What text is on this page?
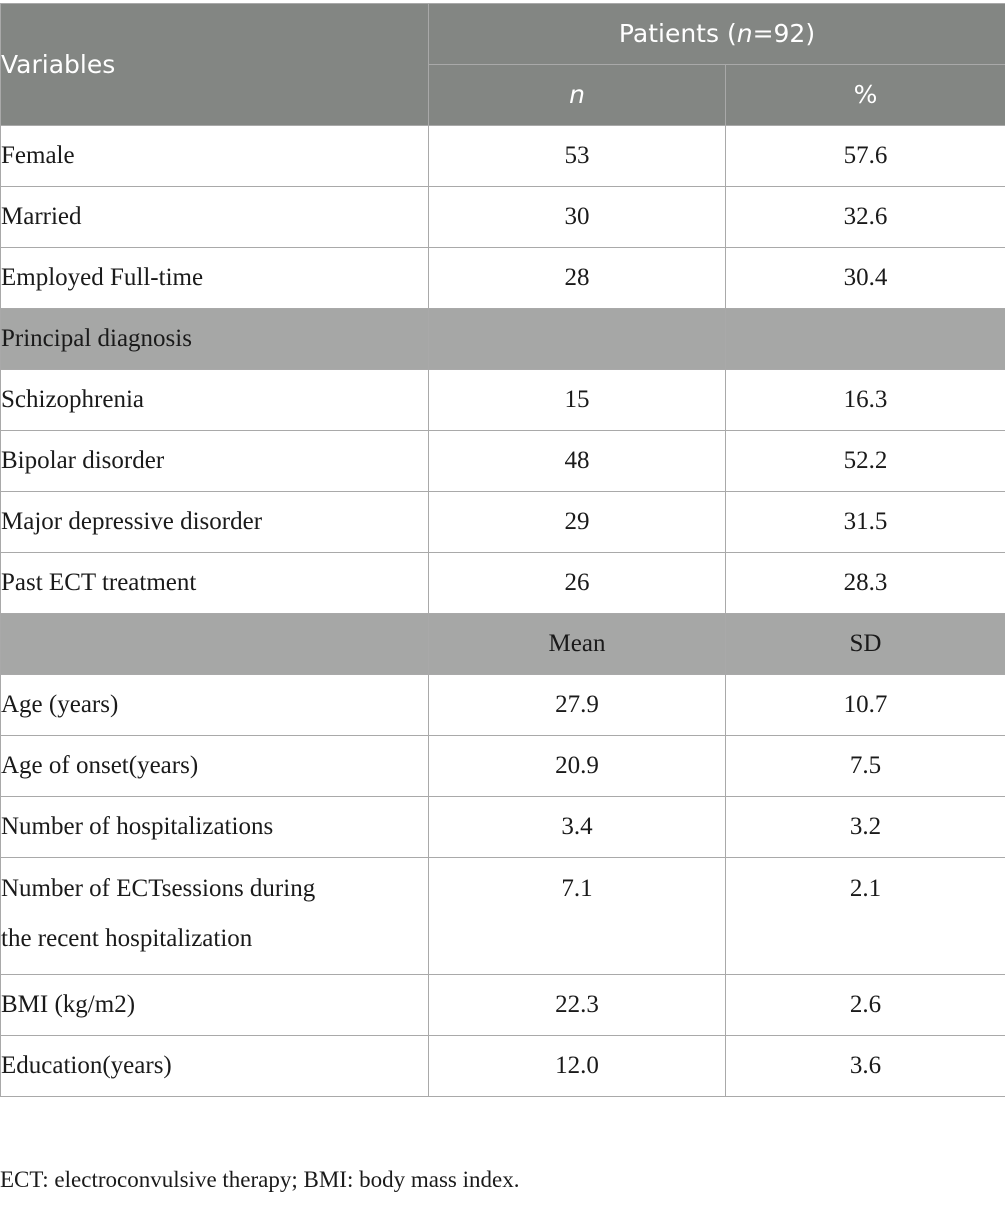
Variables	Patients (n=92)	
	n	%
Female	53	57.6
Married	30	32.6
Employed Full-time	28	30.4
Principal diagnosis		
Schizophrenia	15	16.3
Bipolar disorder	48	52.2
Major depressive disorder	29	31.5
Past ECT treatment	26	28.3
	Mean	SD
Age (years)	27.9	10.7
Age of onset(years)	20.9	7.5
Number of hospitalizations	3.4	3.2
Number of ECTsessions during
the recent hospitalization	7.1	2.1
BMI (kg/m2)	22.3	2.6
Education(years)	12.0	3.6
ECT: electroconvulsive therapy; BMI: body mass index.
